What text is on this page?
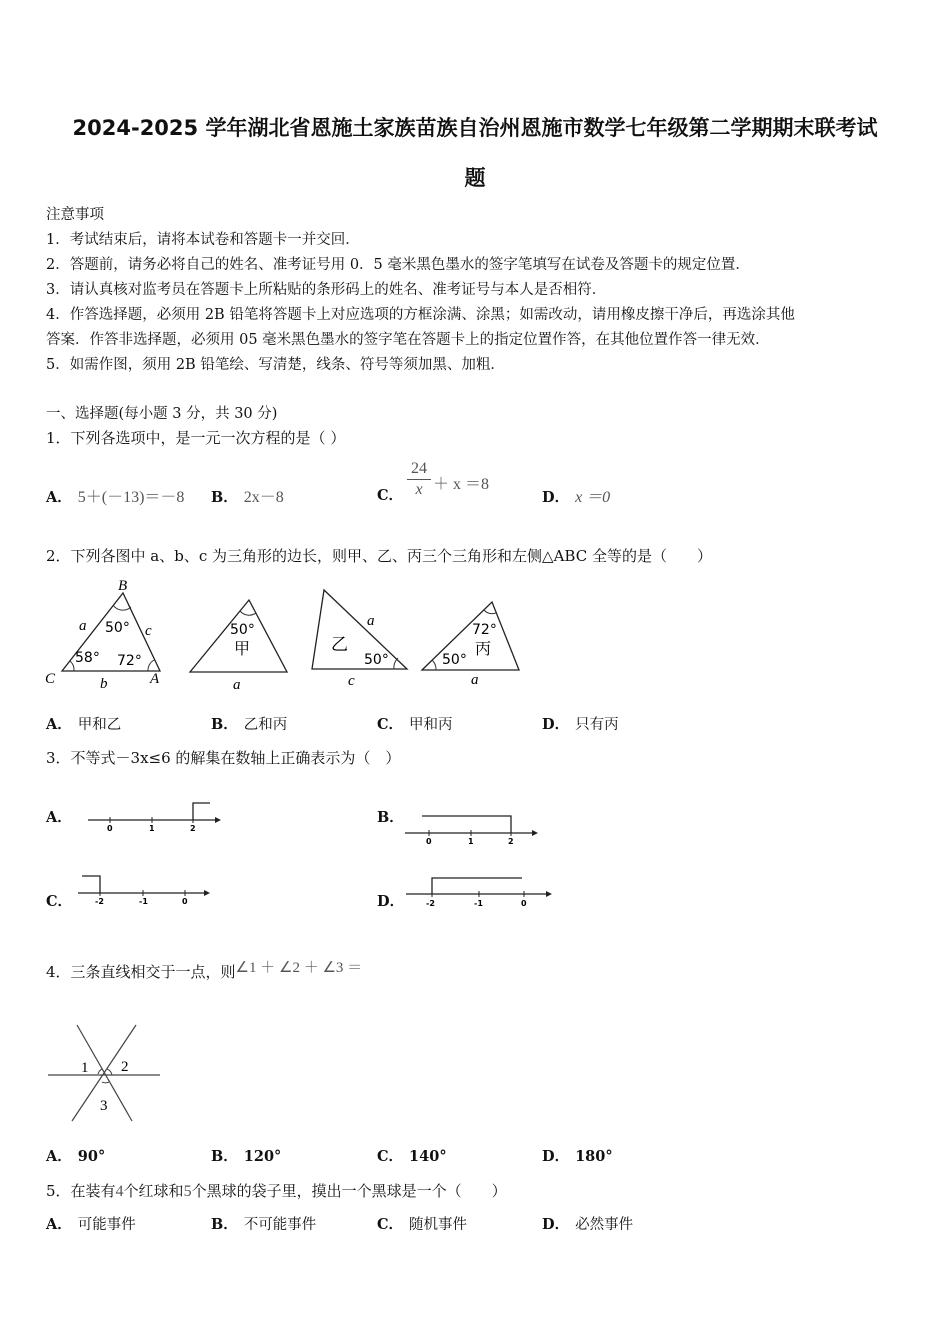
2024-2025 学年湖北省恩施土家族苗族自治州恩施市数学七年级第二学期期末联考试
题
注意事项
1．考试结束后，请将本试卷和答题卡一并交回．
2．答题前，请务必将自己的姓名、准考证号用 0．5 毫米黑色墨水的签字笔填写在试卷及答题卡的规定位置．
3．请认真核对监考员在答题卡上所粘贴的条形码上的姓名、准考证号与本人是否相符．
4．作答选择题，必须用 2B 铅笔将答题卡上对应选项的方框涂满、涂黑；如需改动，请用橡皮擦干净后，再选涂其他
答案．作答非选择题，必须用 05 毫米黑色墨水的签字笔在答题卡上的指定位置作答，在其他位置作答一律无效．
5．如需作图，须用 2B 铅笔绘、写清楚，线条、符号等须加黑、加粗．
一、选择题(每小题 3 分，共 30 分)
1．下列各选项中，是一元一次方程的是（ ）
A． 5＋(－13)＝－8 B． 2x－8	C． $\frac{24}{x} + x =8$
D． x ＝0
2．下列各图中 a、b、c 为三角形的边长，则甲、乙、丙三个三角形和左侧△ABC 全等的是（　　）
B
C	A
a
b
c
50°
58° 72°
50°
甲
a
乙
a
50°
c
72°
丙
50°
a
A． 甲和乙	B． 乙和丙	C． 甲和丙	D． 只有丙
3．不等式－3x≤6 的解集在数轴上正确表示为（　）
A．
0	1	2
B．
0	1	2
C．	-2	-1	0	D．	-2	-1	0
4．三条直线相交于一点，则∠1 ＋ ∠2 ＋ ∠3 ＝
1 2
3
A． 90°	B． 120°	C． 140°	D． 180°
5．在装有4个红球和5个黑球的袋子里，摸出一个黑球是一个（　　）
A． 可能事件	B． 不可能事件	C． 随机事件	D． 必然事件
